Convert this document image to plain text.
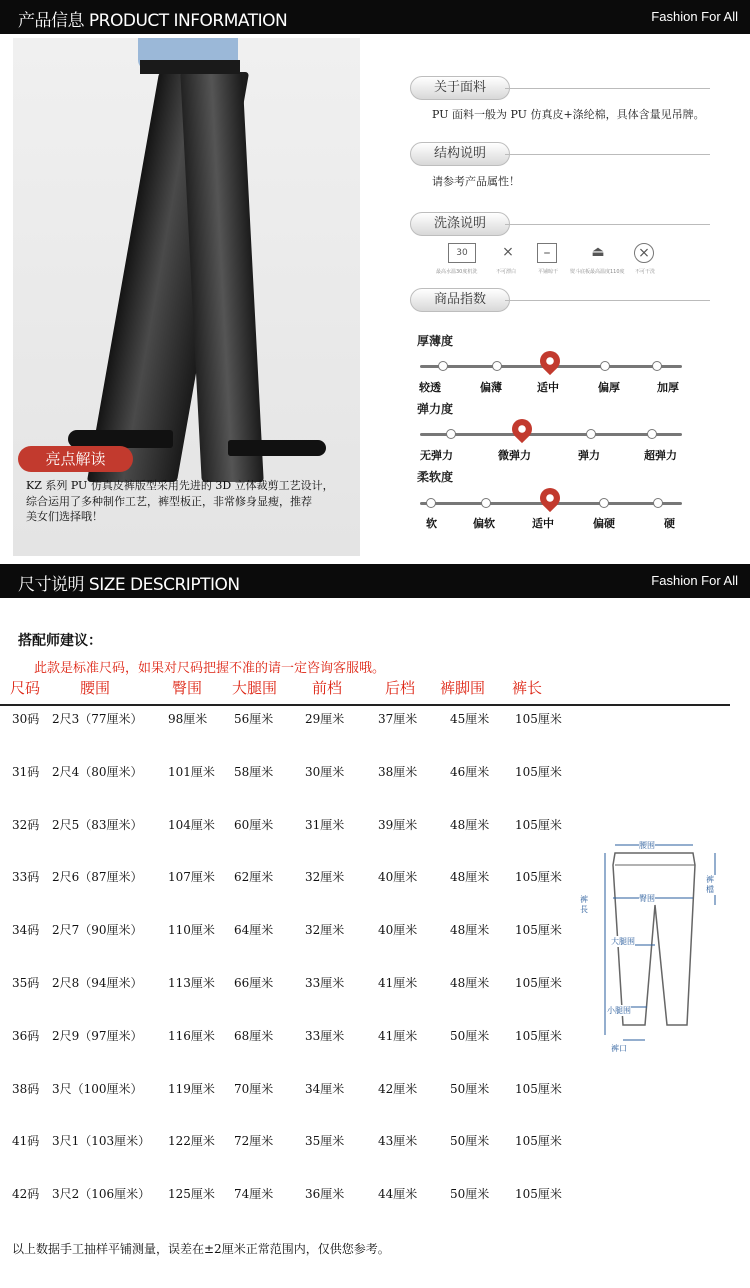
产品信息 PRODUCT INFORMATION	Fashion For All
亮点解读
KZ 系列 PU 仿真皮裤版型采用先进的 3D 立体裁剪工艺设计，
综合运用了多种制作工艺，裤型板正，非常修身显瘦，推荐
美女们选择哦！
关于面料
PU 面料一般为 PU 仿真皮+涤纶棉，具体含量见吊牌。
结构说明
请参考产品属性！
洗涤说明
30
最高水温30度机洗
⨯
不可漂白
–
平铺晾干
⏏
熨斗底板最高温度110度
⨯
不可干洗
商品指数
厚薄度
较透	偏薄	适中	偏厚	加厚
弹力度
无弹力	微弹力	弹力	超弹力
柔软度
软	偏软	适中	偏硬	硬
尺寸说明 SIZE DESCRIPTION	Fashion For All
搭配师建议：
此款是标准尺码，如果对尺码把握不准的请一定咨询客服哦。
尺码	腰围	臀围 大腿围 前档	后档 裤脚围 裤长
30码 2尺3（77厘米） 98厘米 56厘米	29厘米	37厘米	45厘米 105厘米
31码 2尺4（80厘米） 101厘米 58厘米	30厘米	38厘米	46厘米 105厘米
32码 2尺5（83厘米） 104厘米 60厘米	31厘米	39厘米	48厘米 105厘米
33码 2尺6（87厘米） 107厘米 62厘米	32厘米	40厘米	48厘米 105厘米
34码 2尺7（90厘米） 110厘米 64厘米	32厘米	40厘米	48厘米 105厘米
35码 2尺8（94厘米） 113厘米 66厘米	33厘米	41厘米	48厘米 105厘米
36码 2尺9（97厘米） 116厘米 68厘米	33厘米	41厘米	50厘米 105厘米
38码 3尺（100厘米） 119厘米 70厘米	34厘米	42厘米	50厘米 105厘米
41码 3尺1（103厘米） 122厘米 72厘米	35厘米	43厘米	50厘米 105厘米
42码 3尺2（106厘米） 125厘米 74厘米	36厘米	44厘米	50厘米 105厘米
腰围
臀围
裤長
裤檔
大腿围
小腿围
裤口
以上数据手工抽样平铺测量，误差在±2厘米正常范围内，仅供您参考。
